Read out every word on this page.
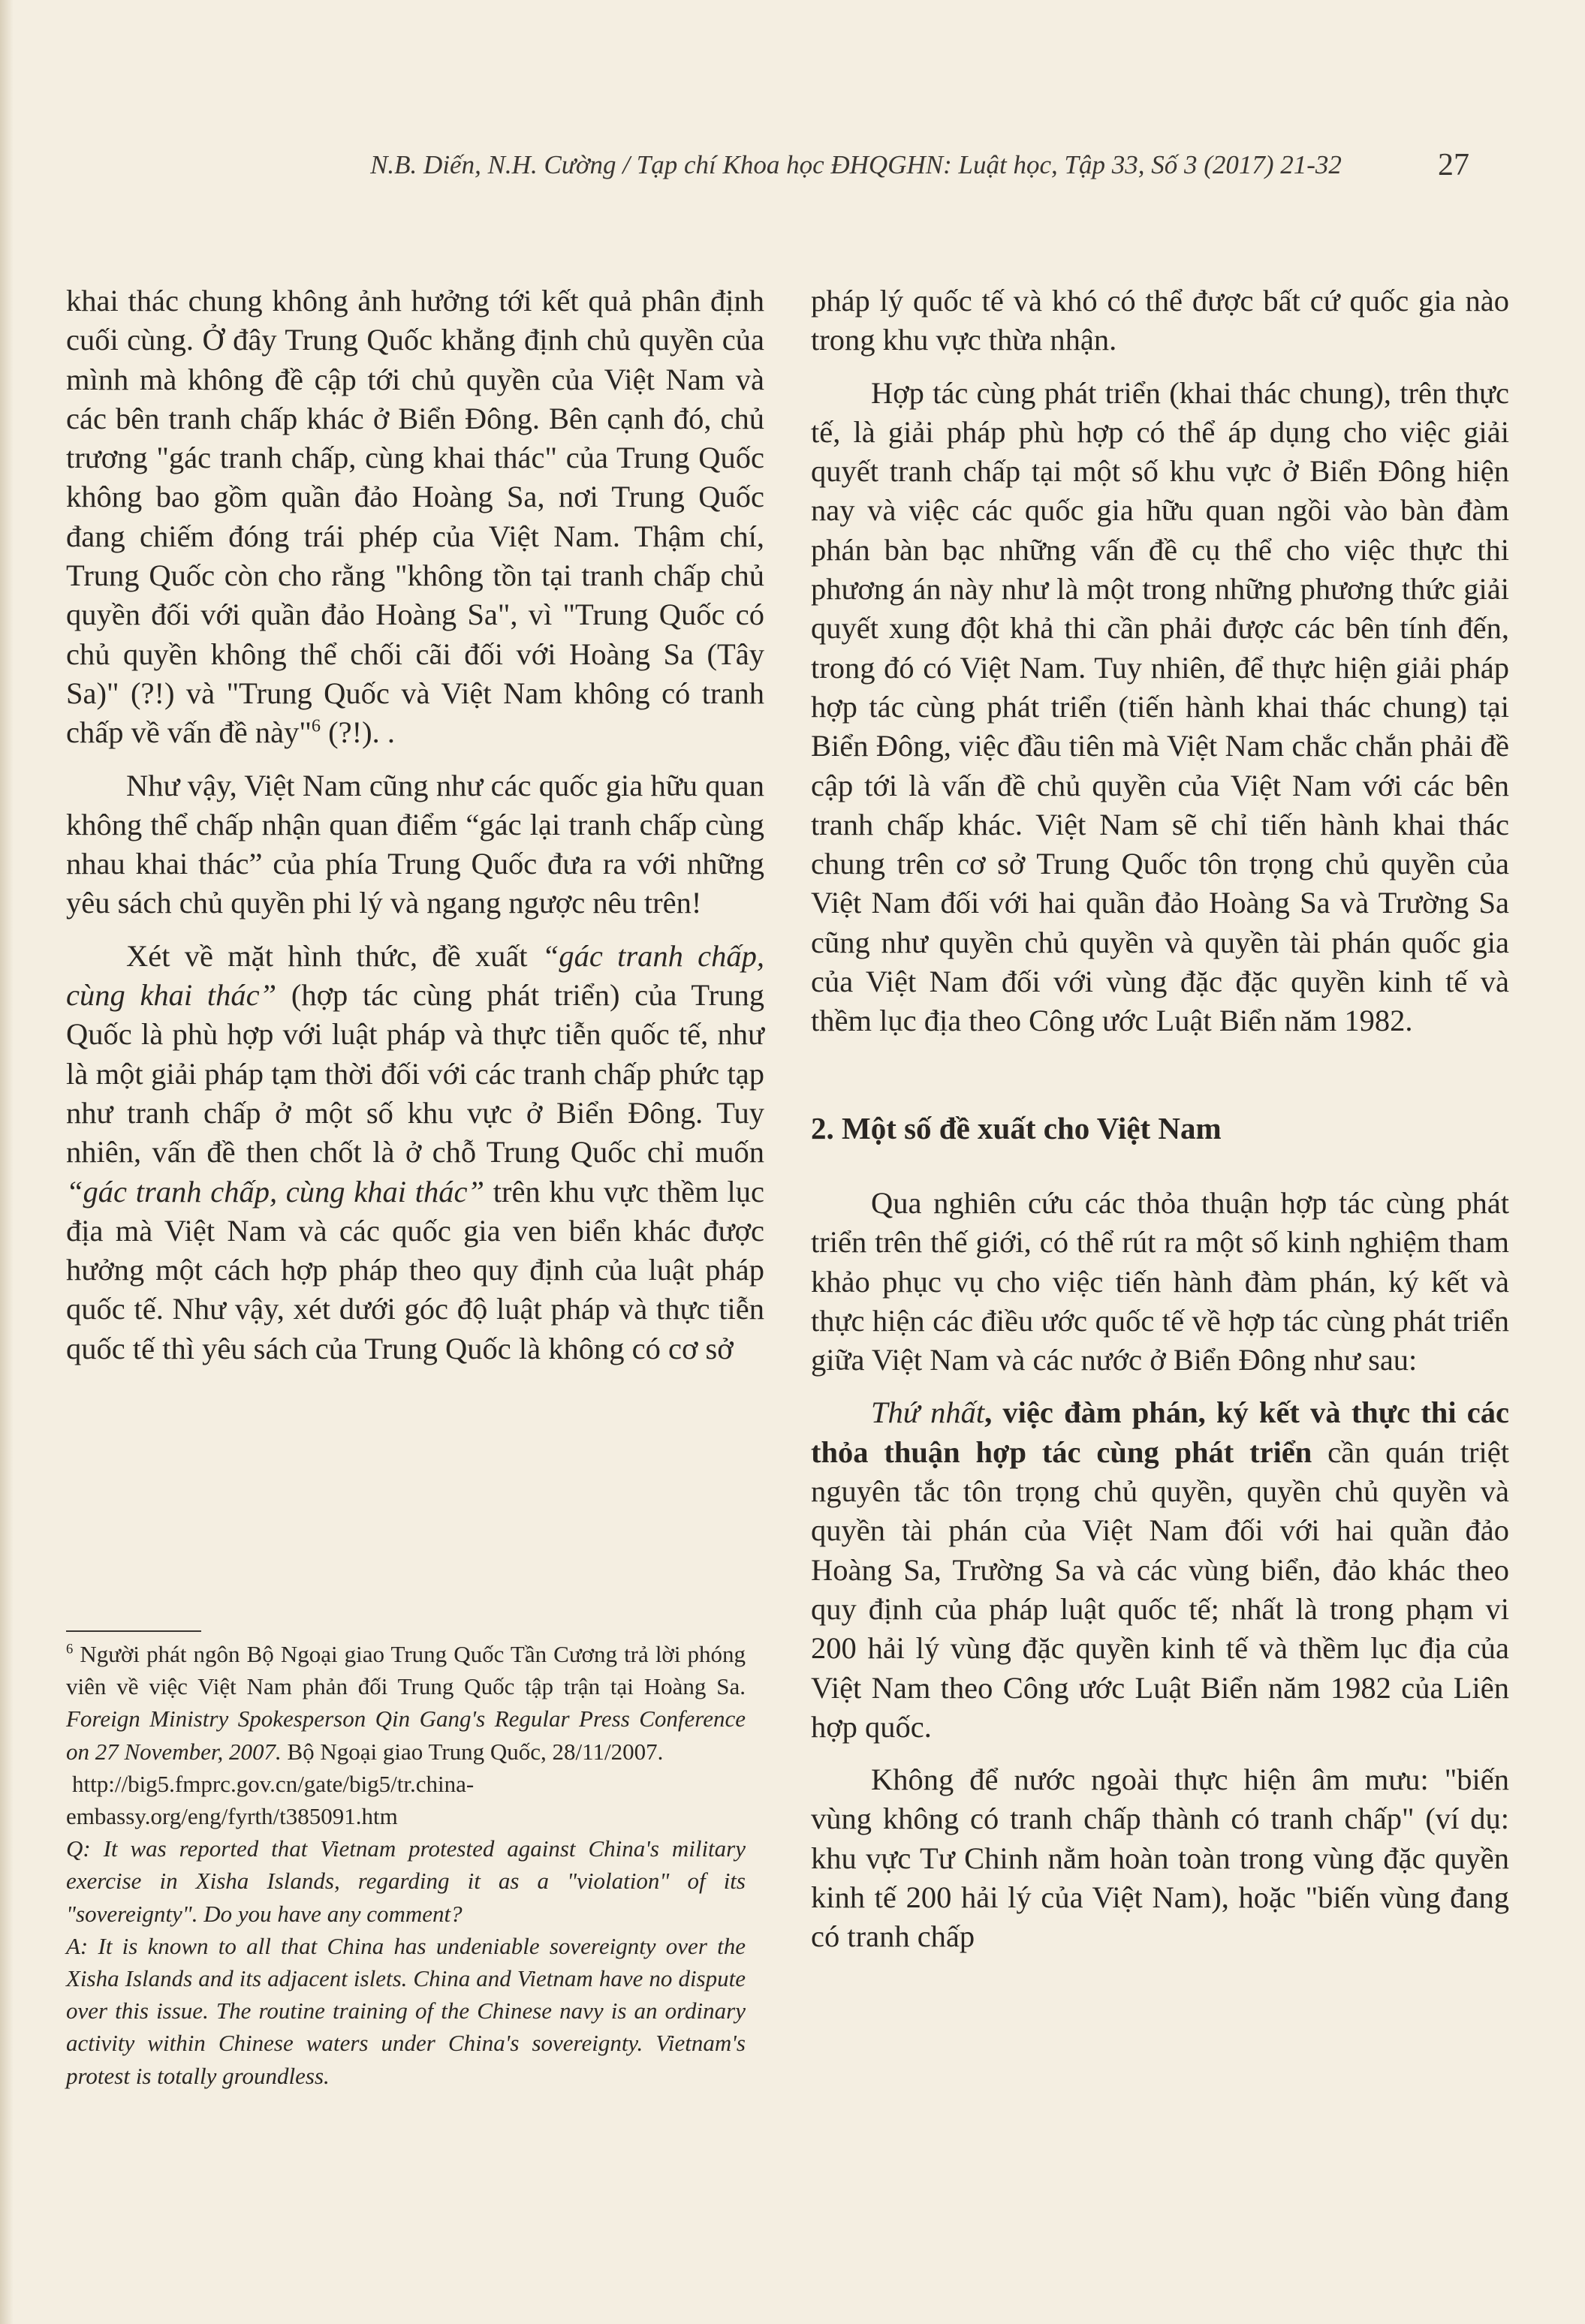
N.B. Diến, N.H. Cường / Tạp chí Khoa học ĐHQGHN: Luật học, Tập 33, Số 3 (2017) 21-32	27

khai thác chung không ảnh hưởng tới kết quả phân định cuối cùng. Ở đây Trung Quốc khẳng định chủ quyền của mình mà không đề cập tới chủ quyền của Việt Nam và các bên tranh chấp khác ở Biển Đông. Bên cạnh đó, chủ trương "gác tranh chấp, cùng khai thác" của Trung Quốc không bao gồm quần đảo Hoàng Sa, nơi Trung Quốc đang chiếm đóng trái phép của Việt Nam. Thậm chí, Trung Quốc còn cho rằng "không tồn tại tranh chấp chủ quyền đối với quần đảo Hoàng Sa", vì "Trung Quốc có chủ quyền không thể chối cãi đối với Hoàng Sa (Tây Sa)" (?!) và "Trung Quốc và Việt Nam không có tranh chấp về vấn đề này"$^6$ (?!). .

Như vậy, Việt Nam cũng như các quốc gia hữu quan không thể chấp nhận quan điểm “gác lại tranh chấp cùng nhau khai thác” của phía Trung Quốc đưa ra với những yêu sách chủ quyền phi lý và ngang ngược nêu trên!

Xét về mặt hình thức, đề xuất “gác tranh chấp, cùng khai thác” (hợp tác cùng phát triển) của Trung Quốc là phù hợp với luật pháp và thực tiễn quốc tế, như là một giải pháp tạm thời đối với các tranh chấp phức tạp như tranh chấp ở một số khu vực ở Biển Đông. Tuy nhiên, vấn đề then chốt là ở chỗ Trung Quốc chỉ muốn “gác tranh chấp, cùng khai thác” trên khu vực thềm lục địa mà Việt Nam và các quốc gia ven biển khác được hưởng một cách hợp pháp theo quy định của luật pháp quốc tế. Như vậy, xét dưới góc độ luật pháp và thực tiễn quốc tế thì yêu sách của Trung Quốc là không có cơ sở

$^6$ Người phát ngôn Bộ Ngoại giao Trung Quốc Tần Cương trả lời phóng viên về việc Việt Nam phản đối Trung Quốc tập trận tại Hoàng Sa. Foreign Ministry Spokesperson Qin Gang's Regular Press Conference on 27 November, 2007. Bộ Ngoại giao Trung Quốc, 28/11/2007.

http://big5.fmprc.gov.cn/gate/big5/tr.china-embassy.org/eng/fyrth/t385091.htm

Q: It was reported that Vietnam protested against China's military exercise in Xisha Islands, regarding it as a "violation" of its "sovereignty". Do you have any comment?

A: It is known to all that China has undeniable sovereignty over the Xisha Islands and its adjacent islets. China and Vietnam have no dispute over this issue. The routine training of the Chinese navy is an ordinary activity within Chinese waters under China's sovereignty. Vietnam's protest is totally groundless.

pháp lý quốc tế và khó có thể được bất cứ quốc gia nào trong khu vực thừa nhận.

Hợp tác cùng phát triển (khai thác chung), trên thực tế, là giải pháp phù hợp có thể áp dụng cho việc giải quyết tranh chấp tại một số khu vực ở Biển Đông hiện nay và việc các quốc gia hữu quan ngồi vào bàn đàm phán bàn bạc những vấn đề cụ thể cho việc thực thi phương án này như là một trong những phương thức giải quyết xung đột khả thi cần phải được các bên tính đến, trong đó có Việt Nam. Tuy nhiên, để thực hiện giải pháp hợp tác cùng phát triển (tiến hành khai thác chung) tại Biển Đông, việc đầu tiên mà Việt Nam chắc chắn phải đề cập tới là vấn đề chủ quyền của Việt Nam với các bên tranh chấp khác. Việt Nam sẽ chỉ tiến hành khai thác chung trên cơ sở Trung Quốc tôn trọng chủ quyền của Việt Nam đối với hai quần đảo Hoàng Sa và Trường Sa cũng như quyền chủ quyền và quyền tài phán quốc gia của Việt Nam đối với vùng đặc đặc quyền kinh tế và thềm lục địa theo Công ước Luật Biển năm 1982.

2. Một số đề xuất cho Việt Nam

Qua nghiên cứu các thỏa thuận hợp tác cùng phát triển trên thế giới, có thể rút ra một số kinh nghiệm tham khảo phục vụ cho việc tiến hành đàm phán, ký kết và thực hiện các điều ước quốc tế về hợp tác cùng phát triển giữa Việt Nam và các nước ở Biển Đông như sau:

Thứ nhất, việc đàm phán, ký kết và thực thi các thỏa thuận hợp tác cùng phát triển cần quán triệt nguyên tắc tôn trọng chủ quyền, quyền chủ quyền và quyền tài phán của Việt Nam đối với hai quần đảo Hoàng Sa, Trường Sa và các vùng biển, đảo khác theo quy định của pháp luật quốc tế; nhất là trong phạm vi 200 hải lý vùng đặc quyền kinh tế và thềm lục địa của Việt Nam theo Công ước Luật Biển năm 1982 của Liên hợp quốc.

Không để nước ngoài thực hiện âm mưu: "biến vùng không có tranh chấp thành có tranh chấp" (ví dụ: khu vực Tư Chinh nằm hoàn toàn trong vùng đặc quyền kinh tế 200 hải lý của Việt Nam), hoặc "biến vùng đang có tranh chấp
